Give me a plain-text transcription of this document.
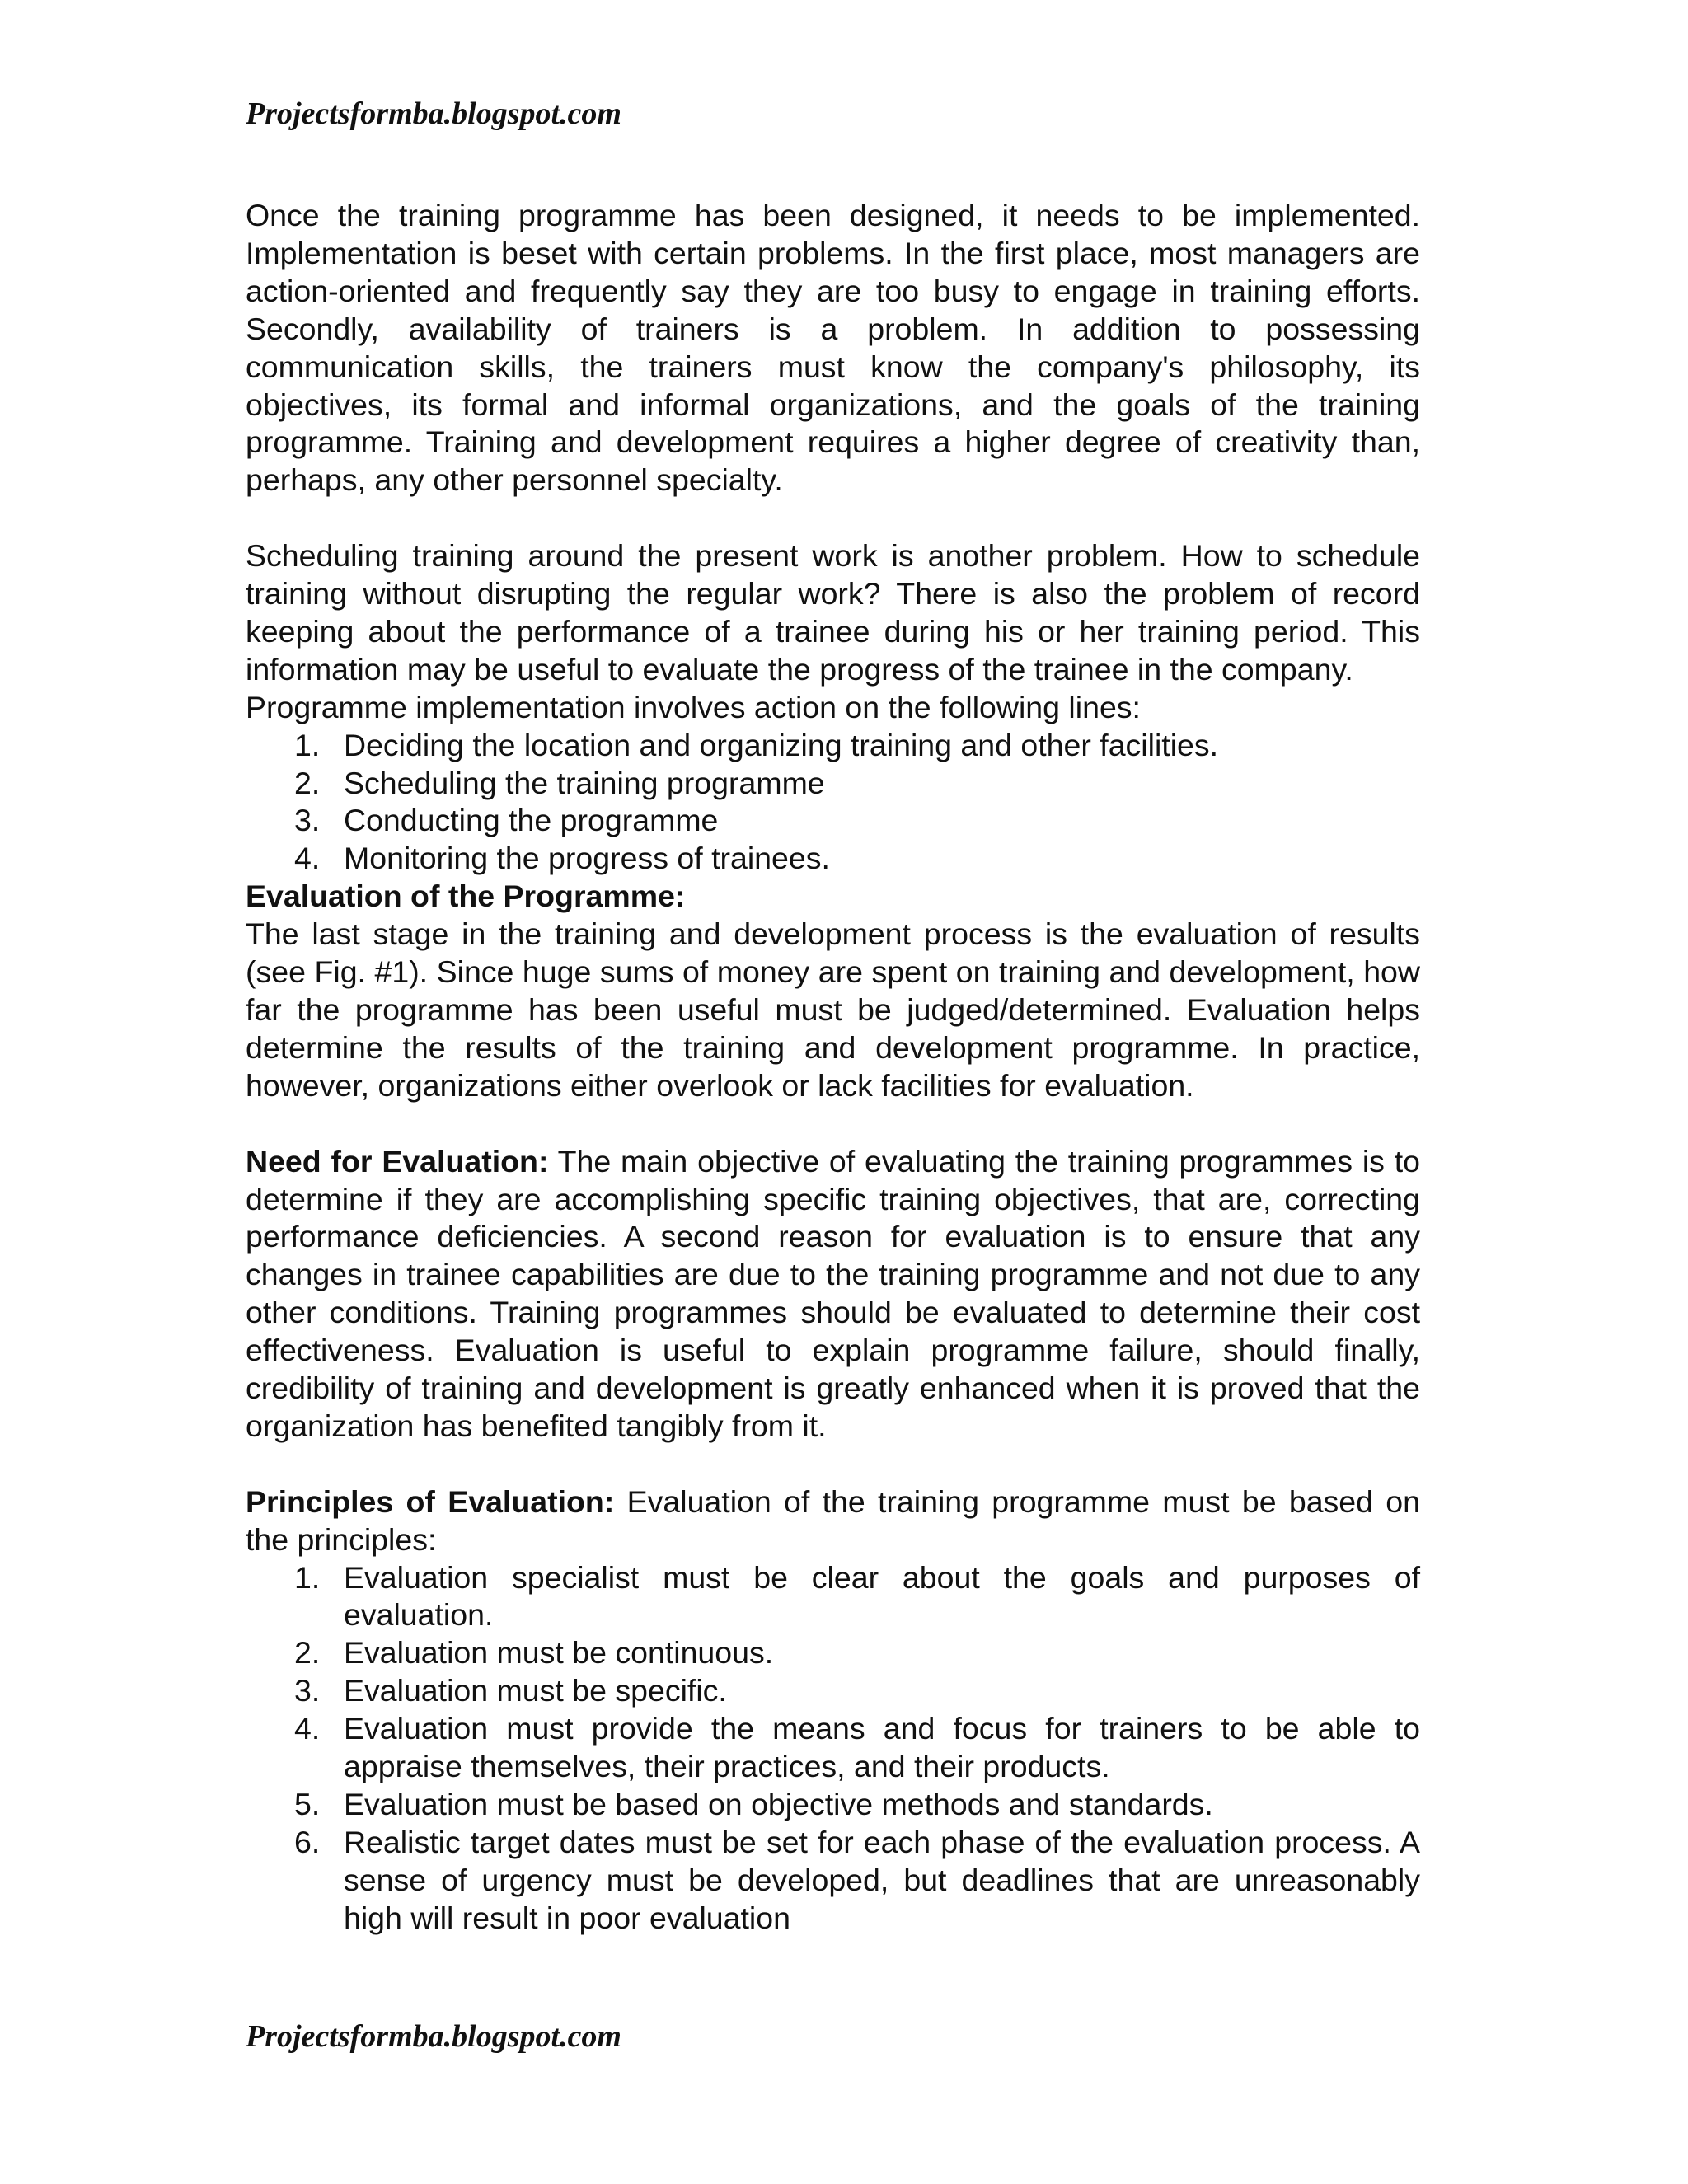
Projectsformba.blogspot.com

Once the training programme has been designed, it needs to be implemented. Implementation is beset with certain problems. In the first place, most managers are action-oriented and frequently say they are too busy to engage in training efforts. Secondly, availability of trainers is a problem. In addition to possessing communication skills, the trainers must know the company's philosophy, its objectives, its formal and informal organizations, and the goals of the training programme. Training and development requires a higher degree of creativity than, perhaps, any other personnel specialty.

Scheduling training around the present work is another problem. How to schedule training without disrupting the regular work? There is also the problem of record keeping about the performance of a trainee during his or her training period. This information may be useful to evaluate the progress of the trainee in the company.

Programme implementation involves action on the following lines:

1. Deciding the location and organizing training and other facilities.
2. Scheduling the training programme
3. Conducting the programme
4. Monitoring the progress of trainees.

Evaluation of the Programme:

The last stage in the training and development process is the evaluation of results (see Fig. #1). Since huge sums of money are spent on training and development, how far the programme has been useful must be judged/determined. Evaluation helps determine the results of the training and development programme. In practice, however, organizations either overlook or lack facilities for evaluation.

Need for Evaluation: The main objective of evaluating the training programmes is to determine if they are accomplishing specific training objectives, that are, correcting performance deficiencies. A second reason for evaluation is to ensure that any changes in trainee capabilities are due to the training programme and not due to any other conditions. Training programmes should be evaluated to determine their cost effectiveness. Evaluation is useful to explain programme failure, should finally, credibility of training and development is greatly enhanced when it is proved that the organization has benefited tangibly from it.

Principles of Evaluation: Evaluation of the training programme must be based on the principles:

1. Evaluation specialist must be clear about the goals and purposes of evaluation.
2. Evaluation must be continuous.
3. Evaluation must be specific.
4. Evaluation must provide the means and focus for trainers to be able to appraise themselves, their practices, and their products.
5. Evaluation must be based on objective methods and standards.
6. Realistic target dates must be set for each phase of the evaluation process. A sense of urgency must be developed, but deadlines that are unreasonably high will result in poor evaluation
Projectsformba.blogspot.com
